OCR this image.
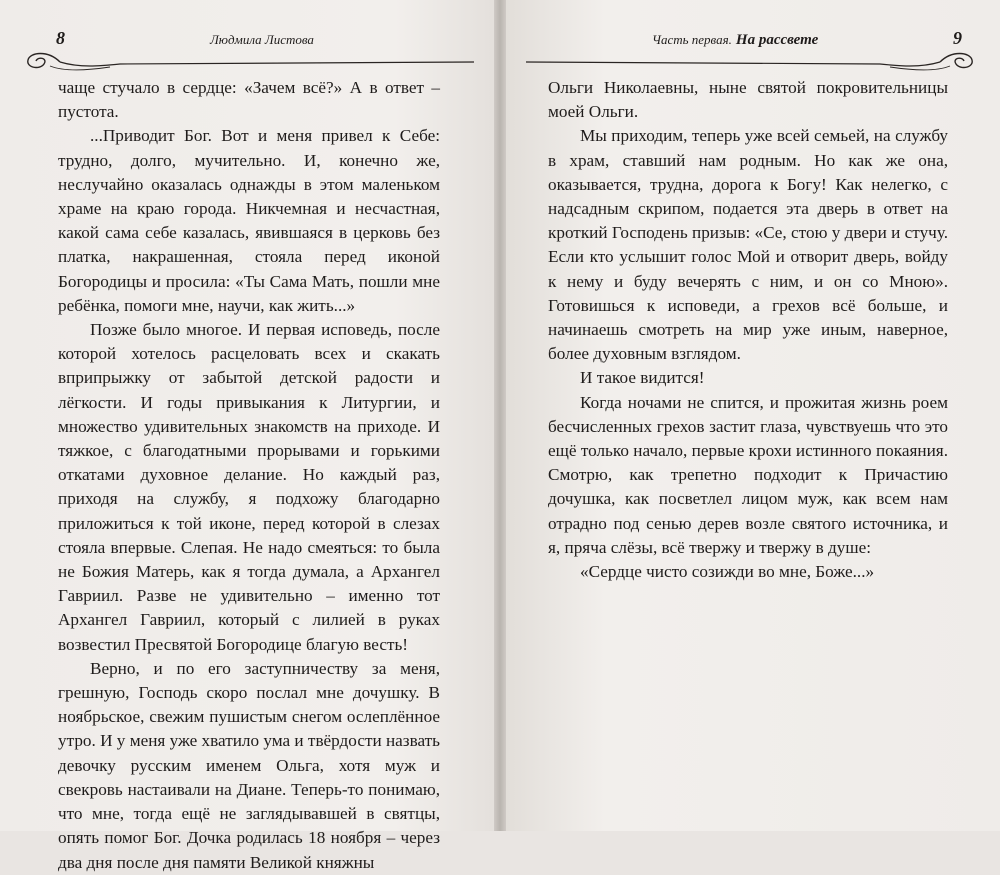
8	Людмила Листова

чаще стучало в сердце: «Зачем всё?» А в ответ – пустота.

...Приводит Бог. Вот и меня привел к Себе: трудно, долго, мучительно. И, конечно же, неслучайно оказалась однажды в этом маленьком храме на краю города. Никчемная и несчастная, какой сама себе казалась, явившаяся в церковь без платка, накрашенная, стояла перед иконой Богородицы и просила: «Ты Сама Мать, пошли мне ребёнка, помоги мне, научи, как жить...»

Позже было многое. И первая исповедь, после которой хотелось расцеловать всех и скакать вприпрыжку от забытой детской радости и лёгкости. И годы привыкания к Литургии, и множество удивительных знакомств на приходе. И тяжкое, с благодатными прорывами и горькими откатами духовное делание. Но каждый раз, приходя на службу, я подхожу благодарно приложиться к той иконе, перед которой в слезах стояла впервые. Слепая. Не надо смеяться: то была не Божия Матерь, как я тогда думала, а Архангел Гавриил. Разве не удивительно – именно тот Архангел Гавриил, который с лилией в руках возвестил Пресвятой Богородице благую весть!

Верно, и по его заступничеству за меня, грешную, Господь скоро послал мне дочушку. В ноябрьское, свежим пушистым снегом ослеплённое утро. И у меня уже хватило ума и твёрдости назвать девочку русским именем Ольга, хотя муж и свекровь настаивали на Диане. Теперь-то понимаю, что мне, тогда ещё не заглядывавшей в святцы, опять помог Бог. Дочка родилась 18 ноября – через два дня после дня памяти Великой княжны

Часть первая. На рассвете	9

Ольги Николаевны, ныне святой покровительницы моей Ольги.

Мы приходим, теперь уже всей семьей, на службу в храм, ставший нам родным. Но как же она, оказывается, трудна, дорога к Богу! Как нелегко, с надсадным скрипом, подается эта дверь в ответ на кроткий Господень призыв: «Се, стою у двери и стучу. Если кто услышит голос Мой и отворит дверь, войду к нему и буду вечерять с ним, и он со Мною». Готовишься к исповеди, а грехов всё больше, и начинаешь смотреть на мир уже иным, наверное, более духовным взглядом.

И такое видится!

Когда ночами не спится, и прожитая жизнь роем бесчисленных грехов застит глаза, чувствуешь что это ещё только начало, первые крохи истинного покаяния. Смотрю, как трепетно подходит к Причастию дочушка, как посветлел лицом муж, как всем нам отрадно под сенью дерев возле святого источника, и я, пряча слёзы, всё твержу и твержу в душе:

«Сердце чисто созижди во мне, Боже...»
